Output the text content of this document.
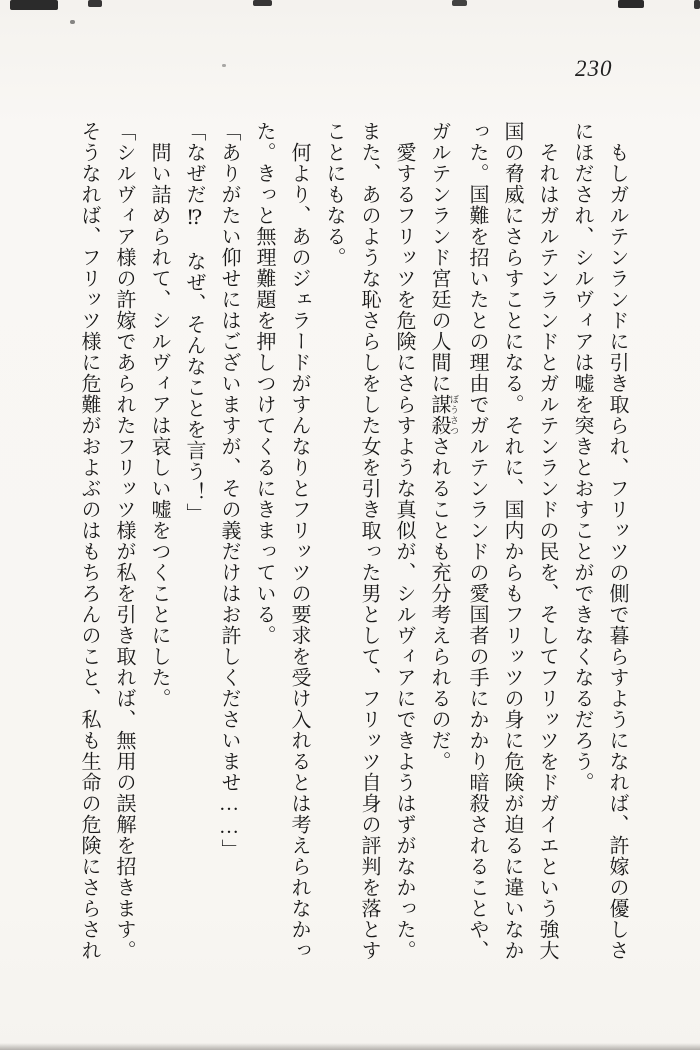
230

もしガルテンランドに引き取られ、フリッツの側で暮らすようになれば、許嫁の優しさ

にほだされ、シルヴィアは嘘を突きとおすことができなくなるだろう。

それはガルテンランドとガルテンランドの民を、そしてフリッツをドガイエという強大

国の脅威にさらすことになる。それに、国内からもフリッツの身に危険が迫るに違いなか

った。国難を招いたとの理由でガルテンランドの愛国者の手にかかり暗殺されることや、

ガルテンランド宮廷の人間に謀殺 ぼうさつされることも充分考えられるのだ。

愛するフリッツを危険にさらすような真似が、シルヴィアにできようはずがなかった。

また、あのような恥さらしをした女を引き取った男として、フリッツ自身の評判を落とす

ことにもなる。

何より、あのジェラードがすんなりとフリッツの要求を受け入れるとは考えられなかっ

た。きっと無理難題を押しつけてくるにきまっている。

「ありがたい仰せにはございますが、その義だけはお許しくださいませ……」

「なぜだ⁉　なぜ、そんなことを言う！」

問い詰められて、シルヴィアは哀しい嘘をつくことにした。

「シルヴィア様の許嫁であられたフリッツ様が私を引き取れば、無用の誤解を招きます。

そうなれば、フリッツ様に危難がおよぶのはもちろんのこと、私も生命の危険にさらされ
